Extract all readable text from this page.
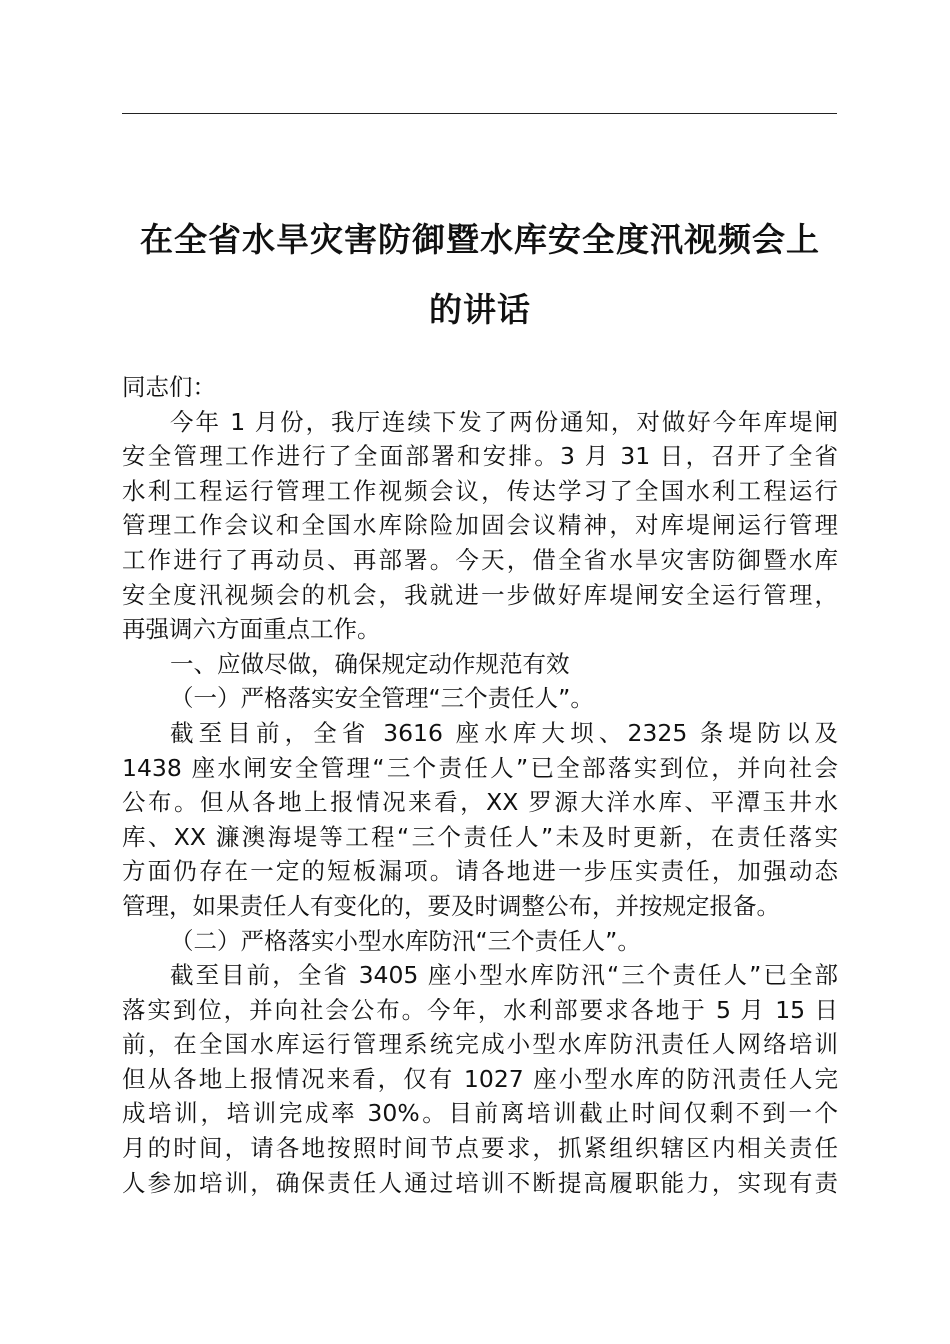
在全省水旱灾害防御暨水库安全度汛视频会上
的讲话
同志们：
今年 1 月份，我厅连续下发了两份通知，对做好今年库堤闸
安全管理工作进行了全面部署和安排。3 月 31 日，召开了全省
水利工程运行管理工作视频会议，传达学习了全国水利工程运行
管理工作会议和全国水库除险加固会议精神，对库堤闸运行管理
工作进行了再动员、再部署。今天，借全省水旱灾害防御暨水库
安全度汛视频会的机会，我就进一步做好库堤闸安全运行管理，
再强调六方面重点工作。
一、应做尽做，确保规定动作规范有效
（一）严格落实安全管理“三个责任人”。
截至目前，全省 3616 座水库大坝、2325 条堤防以及
1438 座水闸安全管理“三个责任人”已全部落实到位，并向社会
公布。但从各地上报情况来看，XX 罗源大洋水库、平潭玉井水
库、XX 濂澳海堤等工程“三个责任人”未及时更新，在责任落实
方面仍存在一定的短板漏项。请各地进一步压实责任，加强动态
管理，如果责任人有变化的，要及时调整公布，并按规定报备。
（二）严格落实小型水库防汛“三个责任人”。
截至目前，全省 3405 座小型水库防汛“三个责任人”已全部
落实到位，并向社会公布。今年，水利部要求各地于 5 月 15 日
前，在全国水库运行管理系统完成小型水库防汛责任人网络培训
但从各地上报情况来看，仅有 1027 座小型水库的防汛责任人完
成培训，培训完成率 30%。目前离培训截止时间仅剩不到一个
月的时间，请各地按照时间节点要求，抓紧组织辖区内相关责任
人参加培训，确保责任人通过培训不断提高履职能力，实现有责
